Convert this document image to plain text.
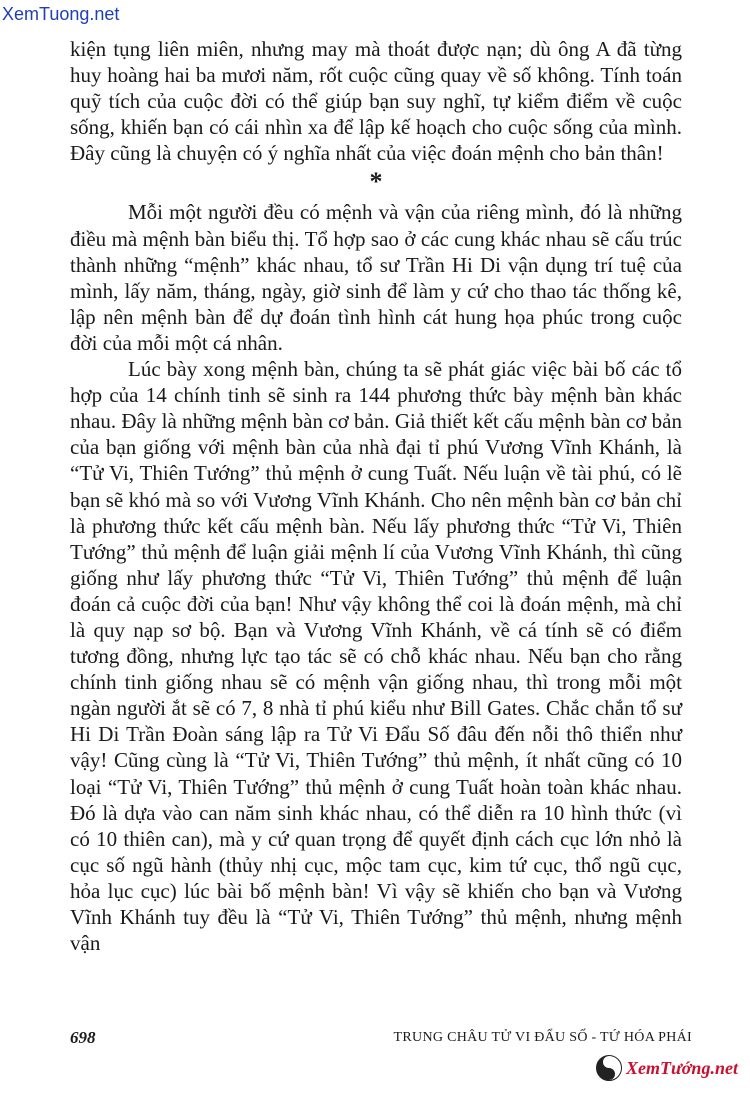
XemTuong.net

kiện tụng liên miên, nhưng may mà thoát được nạn; dù ông A đã từng huy hoàng hai ba mươi năm, rốt cuộc cũng quay về số không. Tính toán quỹ tích của cuộc đời có thể giúp bạn suy nghĩ, tự kiểm điểm về cuộc sống, khiến bạn có cái nhìn xa để lập kế hoạch cho cuộc sống của mình. Đây cũng là chuyện có ý nghĩa nhất của việc đoán mệnh cho bản thân!

*

Mỗi một người đều có mệnh và vận của riêng mình, đó là những điều mà mệnh bàn biểu thị. Tổ hợp sao ở các cung khác nhau sẽ cấu trúc thành những “mệnh” khác nhau, tổ sư Trần Hi Di vận dụng trí tuệ của mình, lấy năm, tháng, ngày, giờ sinh để làm y cứ cho thao tác thống kê, lập nên mệnh bàn để dự đoán tình hình cát hung họa phúc trong cuộc đời của mỗi một cá nhân.

Lúc bày xong mệnh bàn, chúng ta sẽ phát giác việc bài bố các tổ hợp của 14 chính tinh sẽ sinh ra 144 phương thức bày mệnh bàn khác nhau. Đây là những mệnh bàn cơ bản. Giả thiết kết cấu mệnh bàn cơ bản của bạn giống với mệnh bàn của nhà đại tỉ phú Vương Vĩnh Khánh, là “Tử Vi, Thiên Tướng” thủ mệnh ở cung Tuất. Nếu luận về tài phú, có lẽ bạn sẽ khó mà so với Vương Vĩnh Khánh. Cho nên mệnh bàn cơ bản chỉ là phương thức kết cấu mệnh bàn. Nếu lấy phương thức “Tử Vi, Thiên Tướng” thủ mệnh để luận giải mệnh lí của Vương Vĩnh Khánh, thì cũng giống như lấy phương thức “Tử Vi, Thiên Tướng” thủ mệnh để luận đoán cả cuộc đời của bạn! Như vậy không thể coi là đoán mệnh, mà chỉ là quy nạp sơ bộ. Bạn và Vương Vĩnh Khánh, về cá tính sẽ có điểm tương đồng, nhưng lực tạo tác sẽ có chỗ khác nhau. Nếu bạn cho rằng chính tinh giống nhau sẽ có mệnh vận giống nhau, thì trong mỗi một ngàn người ắt sẽ có 7, 8 nhà tỉ phú kiểu như Bill Gates. Chắc chắn tổ sư Hi Di Trần Đoàn sáng lập ra Tử Vi Đẩu Số đâu đến nỗi thô thiển như vậy! Cũng cùng là “Tử Vi, Thiên Tướng” thủ mệnh, ít nhất cũng có 10 loại “Tử Vi, Thiên Tướng” thủ mệnh ở cung Tuất hoàn toàn khác nhau. Đó là dựa vào can năm sinh khác nhau, có thể diễn ra 10 hình thức (vì có 10 thiên can), mà y cứ quan trọng để quyết định cách cục lớn nhỏ là cục số ngũ hành (thủy nhị cục, mộc tam cục, kim tứ cục, thổ ngũ cục, hỏa lục cục) lúc bài bố mệnh bàn! Vì vậy sẽ khiến cho bạn và Vương Vĩnh Khánh tuy đều là “Tử Vi, Thiên Tướng” thủ mệnh, nhưng mệnh vận

698	TRUNG CHÂU TỬ VI ĐẨU SỐ - TỨ HÓA PHÁI
XemTướng.net
